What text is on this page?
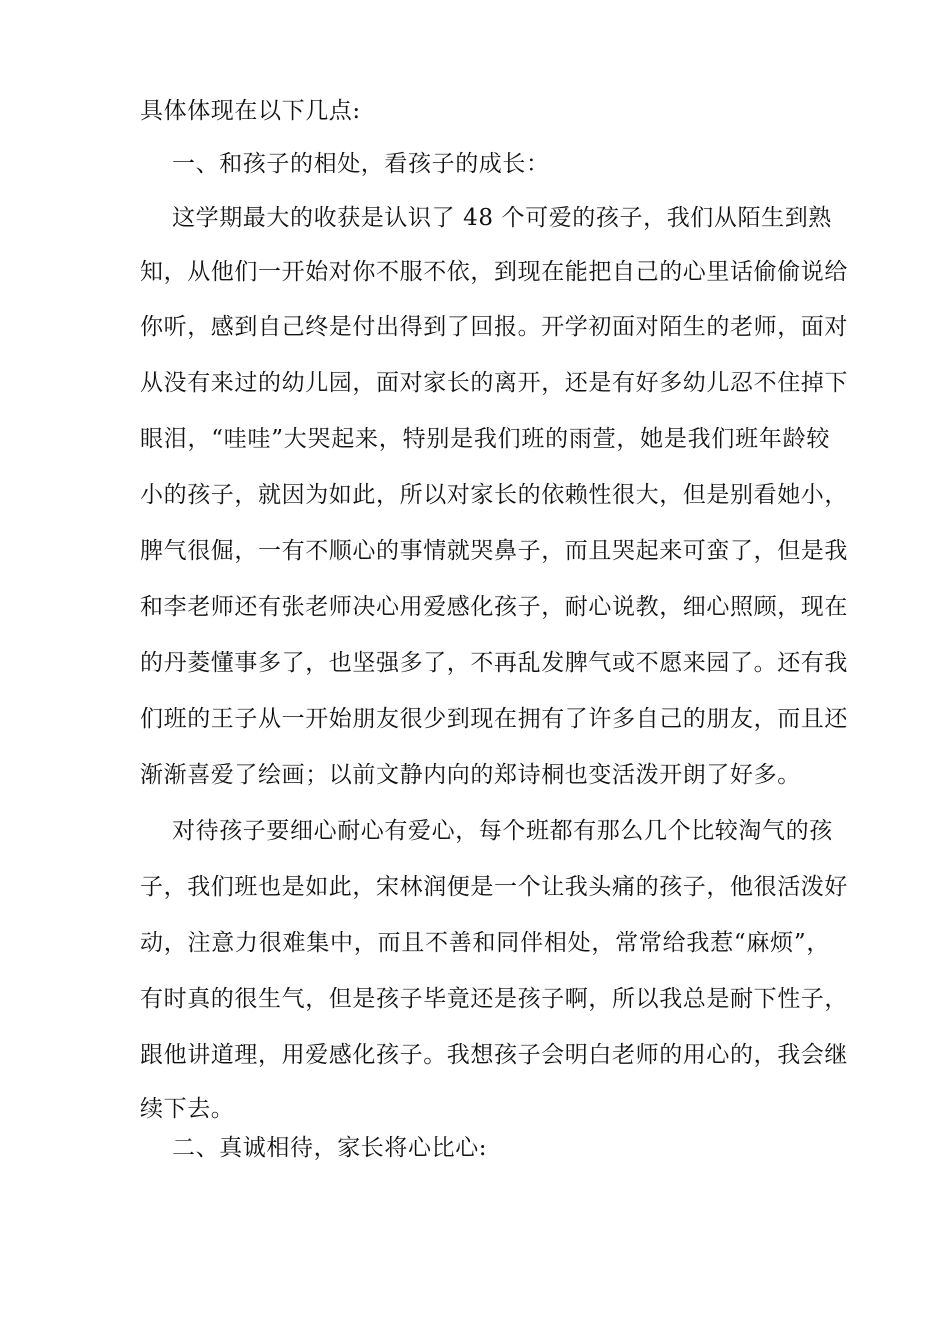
具体体现在以下几点:
一、和孩子的相处，看孩子的成长：
这学期最大的收获是认识了 48 个可爱的孩子，我们从陌生到熟
知，从他们一开始对你不服不依，到现在能把自己的心里话偷偷说给
你听，感到自己终是付出得到了回报。开学初面对陌生的老师，面对
从没有来过的幼儿园，面对家长的离开，还是有好多幼儿忍不住掉下
眼泪，“哇哇”大哭起来，特别是我们班的雨萱，她是我们班年龄较
小的孩子，就因为如此，所以对家长的依赖性很大，但是别看她小，
脾气很倔，一有不顺心的事情就哭鼻子，而且哭起来可蛮了，但是我
和李老师还有张老师决心用爱感化孩子，耐心说教，细心照顾，现在
的丹菱懂事多了，也坚强多了，不再乱发脾气或不愿来园了。还有我
们班的王子从一开始朋友很少到现在拥有了许多自己的朋友，而且还
渐渐喜爱了绘画；以前文静内向的郑诗桐也变活泼开朗了好多。
对待孩子要细心耐心有爱心，每个班都有那么几个比较淘气的孩
子，我们班也是如此，宋林润便是一个让我头痛的孩子，他很活泼好
动，注意力很难集中，而且不善和同伴相处，常常给我惹“麻烦”，
有时真的很生气，但是孩子毕竟还是孩子啊，所以我总是耐下性子，
跟他讲道理，用爱感化孩子。我想孩子会明白老师的用心的，我会继
续下去。
二、真诚相待，家长将心比心:
